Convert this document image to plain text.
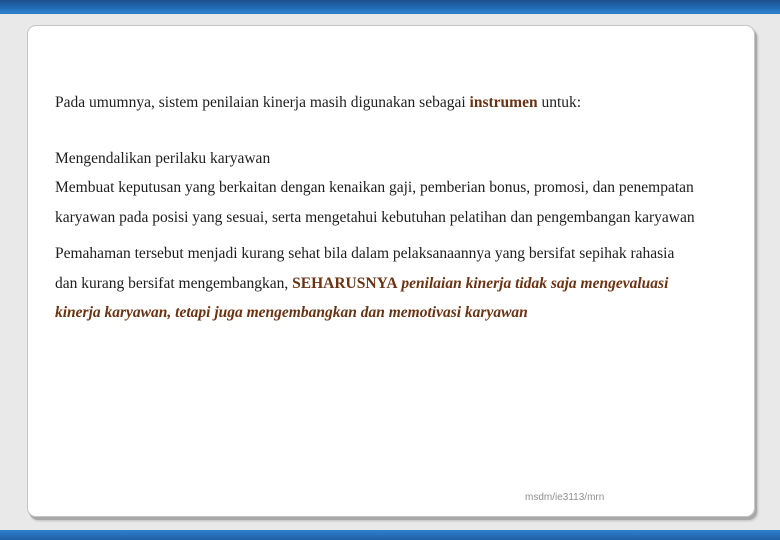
Pada umumnya, sistem penilaian kinerja masih digunakan sebagai instrumen untuk:

Mengendalikan perilaku karyawan

Membuat keputusan yang berkaitan dengan kenaikan gaji, pemberian bonus, promosi, dan penempatan karyawan pada posisi yang sesuai, serta mengetahui kebutuhan pelatihan dan pengembangan karyawan

Pemahaman tersebut menjadi kurang sehat bila dalam pelaksanaannya yang bersifat sepihak rahasia dan kurang bersifat mengembangkan, SEHARUSNYA penilaian kinerja tidak saja mengevaluasi kinerja karyawan, tetapi juga mengembangkan dan memotivasi karyawan

msdm/ie3113/mrn
